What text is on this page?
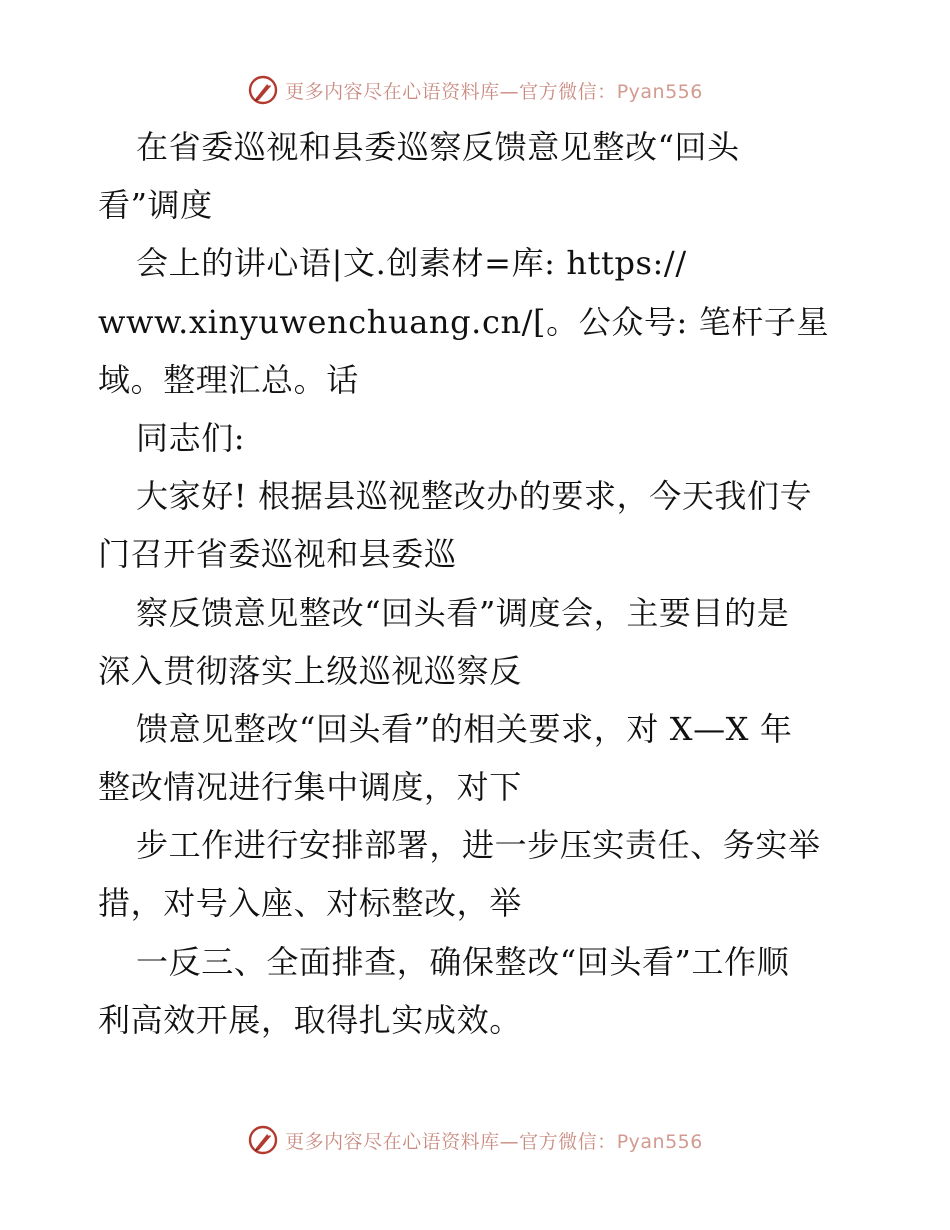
更多内容尽在心语资料库—官方微信：Pyan556
在省委巡视和县委巡察反馈意见整改“回头
看”调度
会上的讲心语|文.创素材=库: https://
www.xinyuwenchuang.cn/[。公众号: 笔杆子星
域。整理汇总。话
同志们:
大家好! 根据县巡视整改办的要求，今天我们专
门召开省委巡视和县委巡
察反馈意见整改“回头看”调度会，主要目的是
深入贯彻落实上级巡视巡察反
馈意见整改“回头看”的相关要求，对 X—X 年
整改情况进行集中调度，对下
步工作进行安排部署，进一步压实责任、务实举
措，对号入座、对标整改，举
一反三、全面排查，确保整改“回头看”工作顺
利高效开展，取得扎实成效。
更多内容尽在心语资料库—官方微信：Pyan556
